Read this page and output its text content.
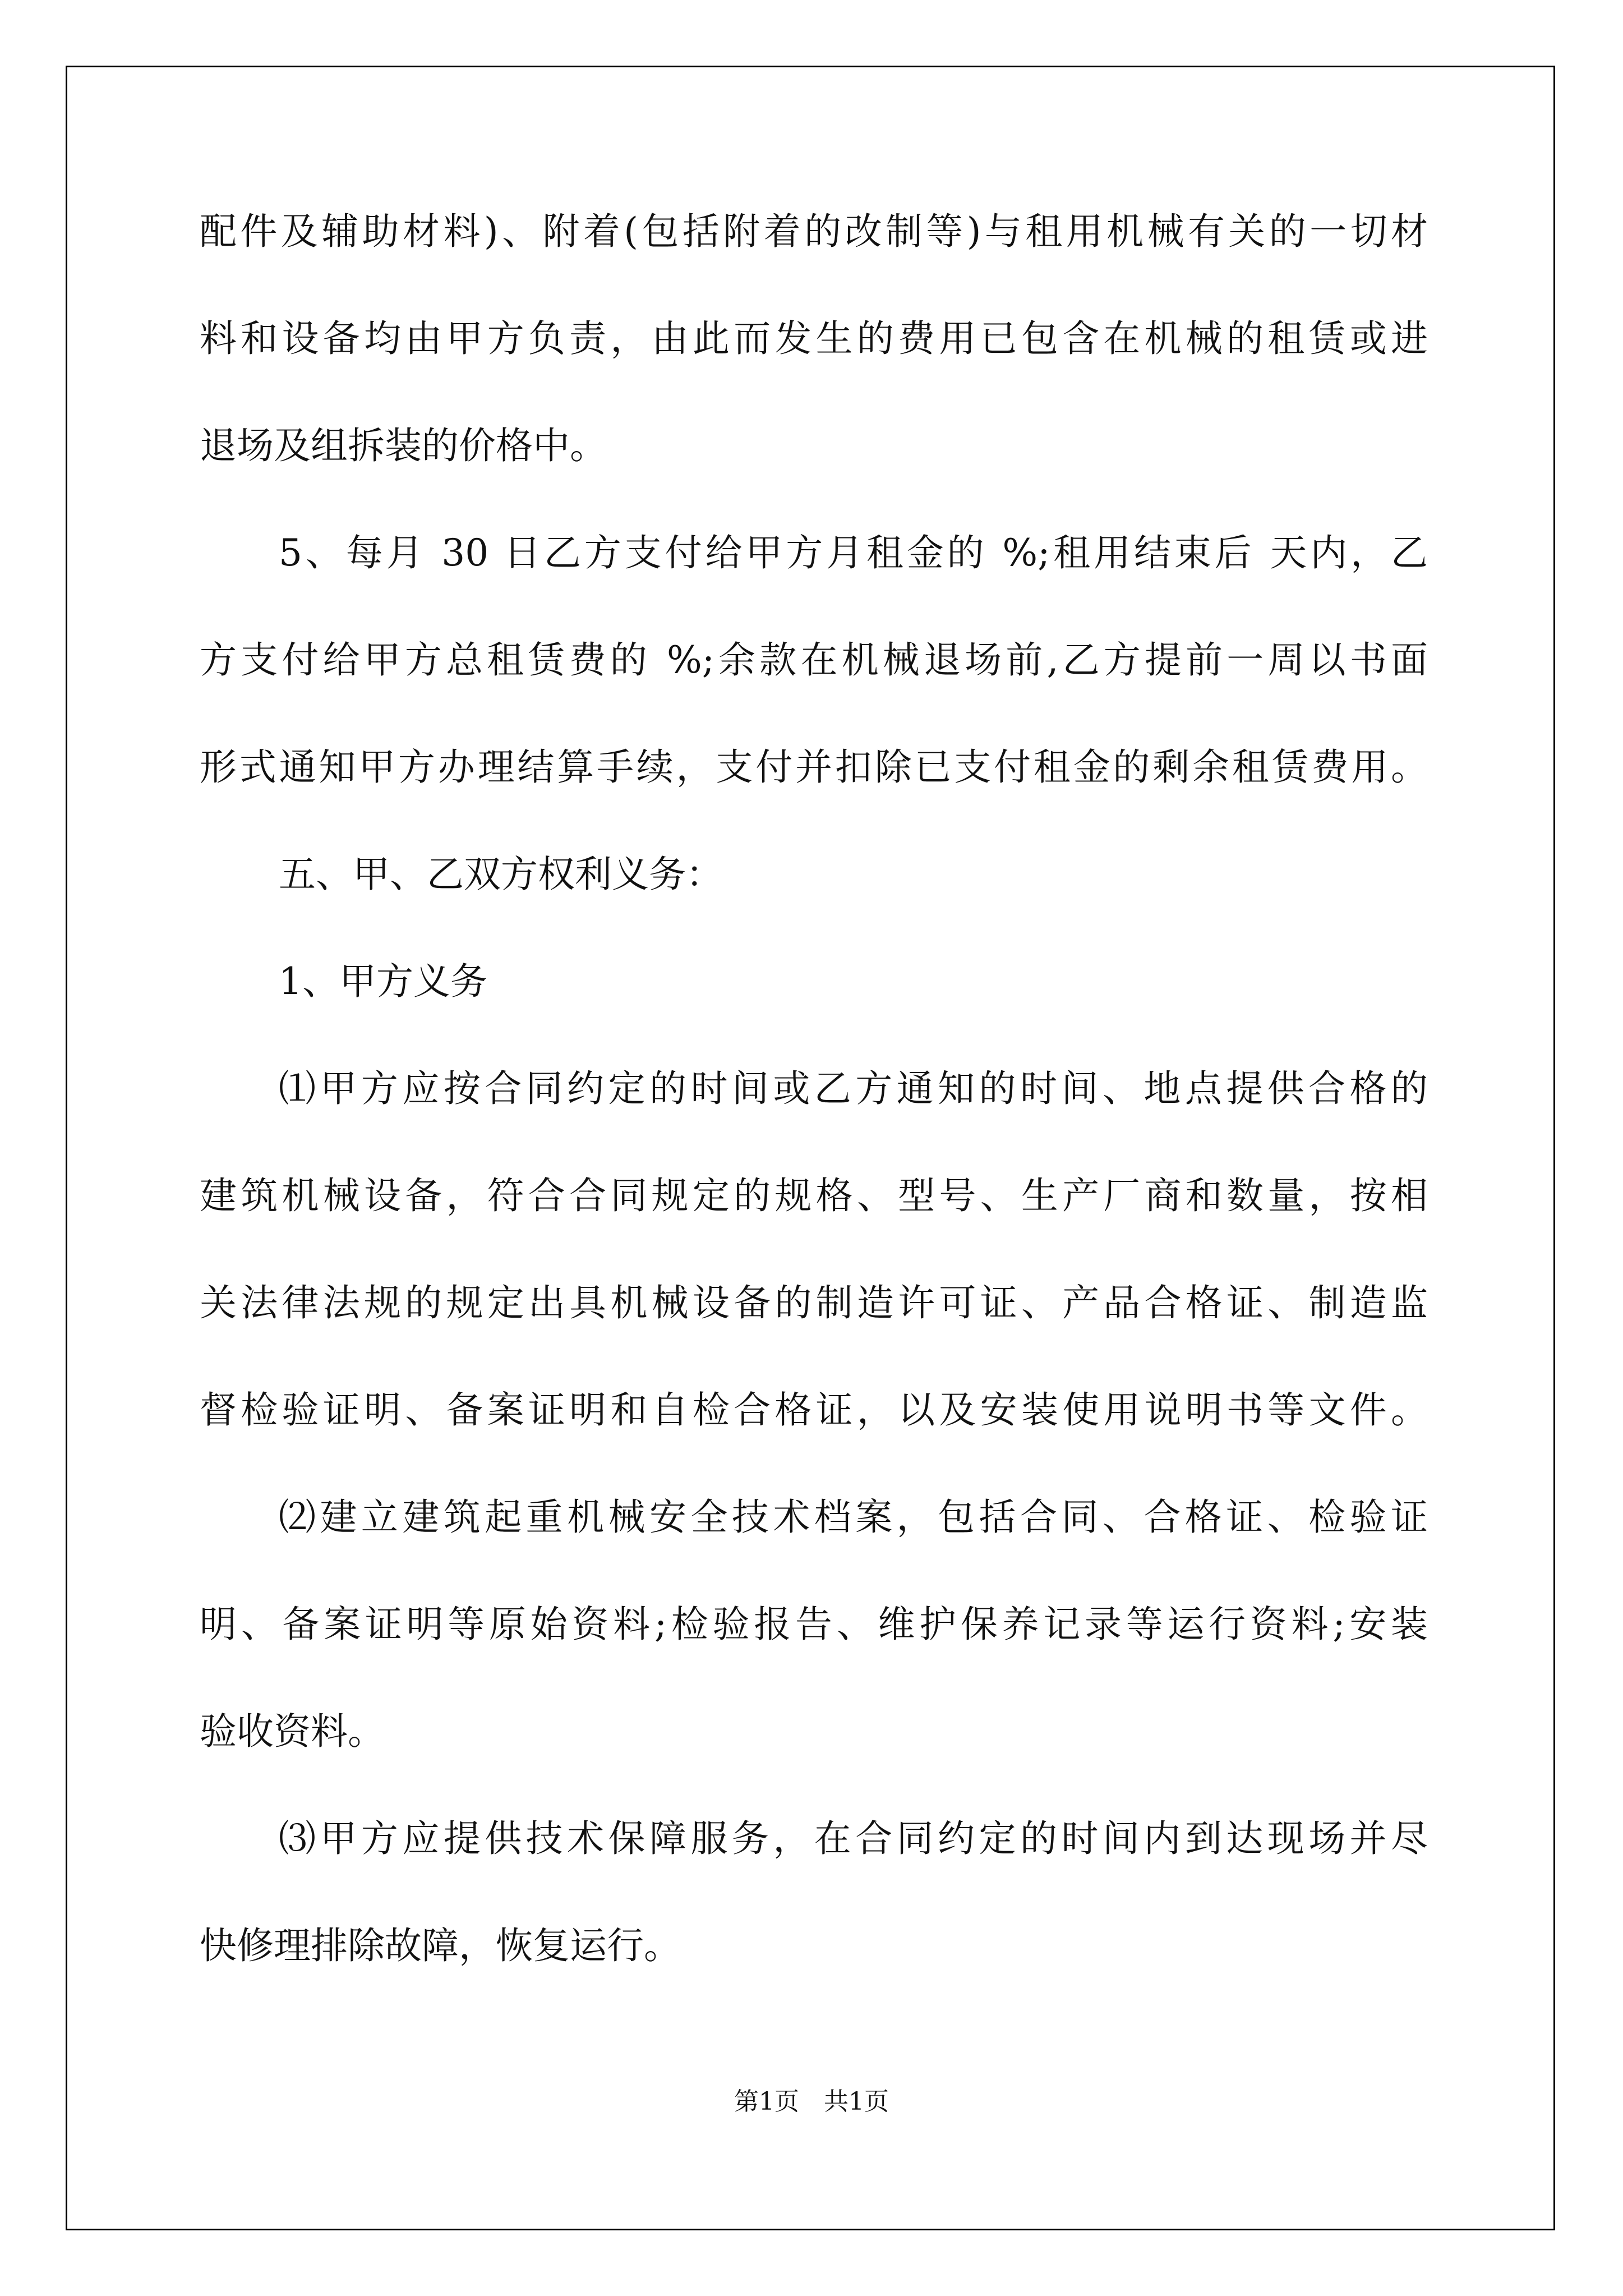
配件及辅助材料)、附着(包括附着的改制等)与租用机械有关的一切材

料和设备均由甲方负责，由此而发生的费用已包含在机械的租赁或进

退场及组拆装的价格中。

5、每月 30 日乙方支付给甲方月租金的 %;租用结束后 天内，乙

方支付给甲方总租赁费的 %;余款在机械退场前,乙方提前一周以书面

形式通知甲方办理结算手续，支付并扣除已支付租金的剩余租赁费用。

五、甲、乙双方权利义务：

1、甲方义务

⑴甲方应按合同约定的时间或乙方通知的时间、地点提供合格的

建筑机械设备，符合合同规定的规格、型号、生产厂商和数量，按相

关法律法规的规定出具机械设备的制造许可证、产品合格证、制造监

督检验证明、备案证明和自检合格证，以及安装使用说明书等文件。

⑵建立建筑起重机械安全技术档案，包括合同、合格证、检验证

明、备案证明等原始资料;检验报告、维护保养记录等运行资料;安装

验收资料。

⑶甲方应提供技术保障服务，在合同约定的时间内到达现场并尽

快修理排除故障，恢复运行。

第1页　共1页
